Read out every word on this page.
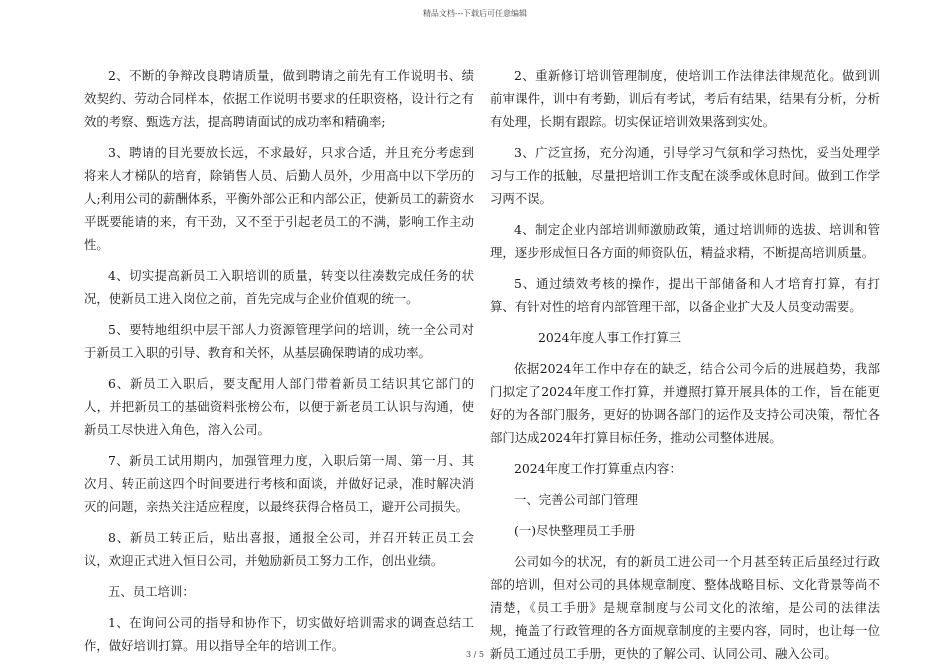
精品文档---下载后可任意编辑

2、不断的争辩改良聘请质量，做到聘请之前先有工作说明书、绩效契约、劳动合同样本，依据工作说明书要求的任职资格，设计行之有效的考察、甄选方法，提高聘请面试的成功率和精确率;

3、聘请的目光要放长远，不求最好，只求合适，并且充分考虑到将来人才梯队的培育，除销售人员、后勤人员外，少用高中以下学历的人;利用公司的薪酬体系，平衡外部公正和内部公正，使新员工的薪资水平既要能请的来，有干劲，又不至于引起老员工的不满，影响工作主动性。

4、切实提高新员工入职培训的质量，转变以往凑数完成任务的状况，使新员工进入岗位之前，首先完成与企业价值观的统一。

5、要特地组织中层干部人力资源管理学问的培训，统一全公司对于新员工入职的引导、教育和关怀，从基层确保聘请的成功率。

6、新员工入职后，要支配用人部门带着新员工结识其它部门的人，并把新员工的基础资料张榜公布，以便于新老员工认识与沟通，使新员工尽快进入角色，溶入公司。

7、新员工试用期内，加强管理力度，入职后第一周、第一月、其次月、转正前这四个时间要进行考核和面谈，并做好记录，准时解决消灭的问题，亲热关注适应程度，以最终获得合格员工，避开公司损失。

8、新员工转正后，贴出喜报，通报全公司，并召开转正员工会议，欢迎正式进入恒日公司，并勉励新员工努力工作，创出业绩。

五、员工培训：

1、在询问公司的指导和协作下，切实做好培训需求的调查总结工作，做好培训打算。用以指导全年的培训工作。

2、重新修订培训管理制度，使培训工作法律法律规范化。做到训前审课件，训中有考勤，训后有考试，考后有结果，结果有分析，分析有处理，长期有跟踪。切实保证培训效果落到实处。

3、广泛宣扬，充分沟通，引导学习气氛和学习热忱，妥当处理学习与工作的抵触，尽量把培训工作支配在淡季或休息时间。做到工作学习两不误。

4、制定企业内部培训师激励政策，通过培训师的选拔、培训和管理，逐步形成恒日各方面的师资队伍，精益求精，不断提高培训质量。

5、通过绩效考核的操作，提出干部储备和人才培育打算，有打算、有针对性的培育内部管理干部，以备企业扩大及人员变动需要。

2024年度人事工作打算三

依据2024年工作中存在的缺乏，结合公司今后的进展趋势，我部门拟定了2024年度工作打算，并遵照打算开展具体的工作，旨在能更好的为各部门服务，更好的协调各部门的运作及支持公司决策，帮忙各部门达成2024年打算目标任务，推动公司整体进展。

2024年度工作打算重点内容：

一、完善公司部门管理

(一)尽快整理员工手册

公司如今的状况，有的新员工进公司一个月甚至转正后虽经过行政部的培训，但对公司的具体规章制度、整体战略目标、文化背景等尚不清楚，《员工手册》是规章制度与公司文化的浓缩，是公司的法律法规，掩盖了行政管理的各方面规章制度的主要内容，同时，也让每一位新员工通过员工手册，更快的了解公司、认同公司、融入公司。

3 / 5
